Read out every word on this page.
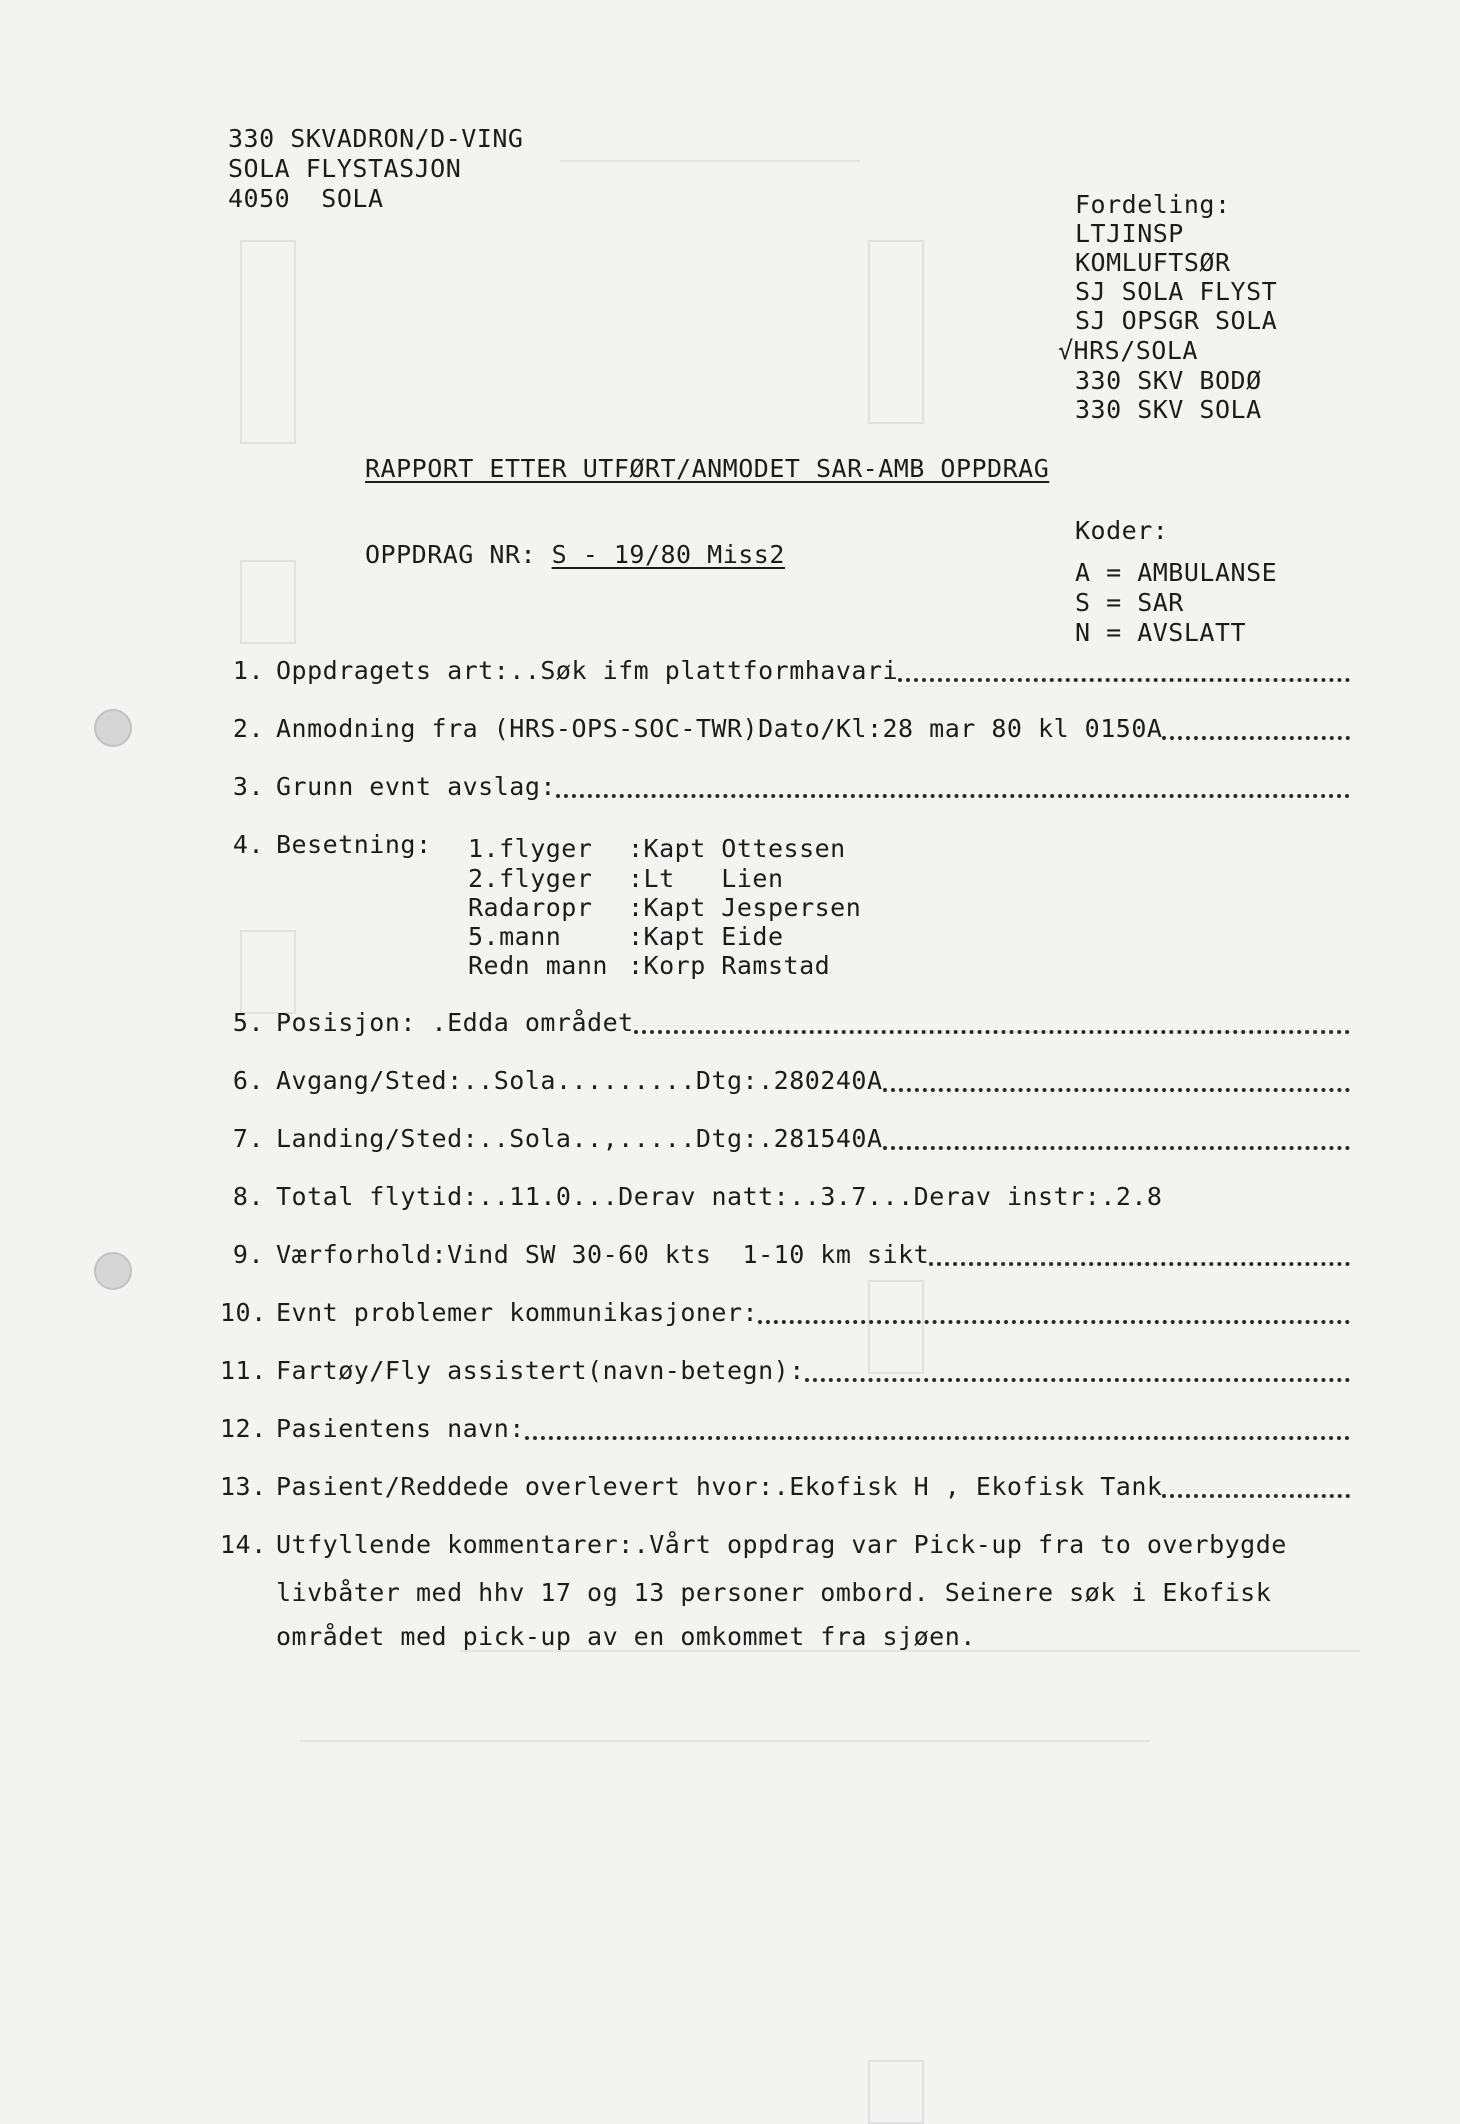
330 SKVADRON/D-VING
SOLA FLYSTASJON
4050  SOLA	Fordeling:
LTJINSP
KOMLUFTSØR
SJ SOLA FLYST
SJ OPSGR SOLA
√HRS/SOLA
330 SKV BODØ
330 SKV SOLA
RAPPORT ETTER UTFØRT/ANMODET SAR-AMB OPPDRAG
OPPDRAG NR: S - 19/80 Miss2
Koder:
A = AMBULANSE
S = SAR
N = AVSLATT
1. Oppdragets art:.. Søk ifm plattformhavari
2. Anmodning fra (HRS-OPS-SOC-TWR)Dato/Kl: 28 mar 80 kl 0150A
3. Grunn evnt avslag:
4. Besetning: 1.flyger :Kapt Ottessen
2.flyger :Lt   Lien
Radaropr :Kapt Jespersen
5.mann :Kapt Eide
Redn mann :Korp Ramstad
5. Posisjon: . Edda området
6. Avgang/Sted:.. Sola .........Dtg:. 280240A
7. Landing/Sted:.. Sola ..,.....Dtg:. 281540A
8. Total flytid:.. 11.0 ...Derav natt:.. 3.7 ...Derav instr:. 2.8
9. Værforhold: Vind SW 30-60 kts  1-10 km sikt
10. Evnt problemer kommunikasjoner:
11. Fartøy/Fly assistert(navn-betegn):
12. Pasientens navn:
13. Pasient/Reddede overlevert hvor:. Ekofisk H , Ekofisk Tank
14. Utfyllende kommentarer:. Vårt oppdrag var Pick-up fra to overbygde
livbåter med hhv 17 og 13 personer ombord. Seinere søk i Ekofisk
området med pick-up av en omkommet fra sjøen.
